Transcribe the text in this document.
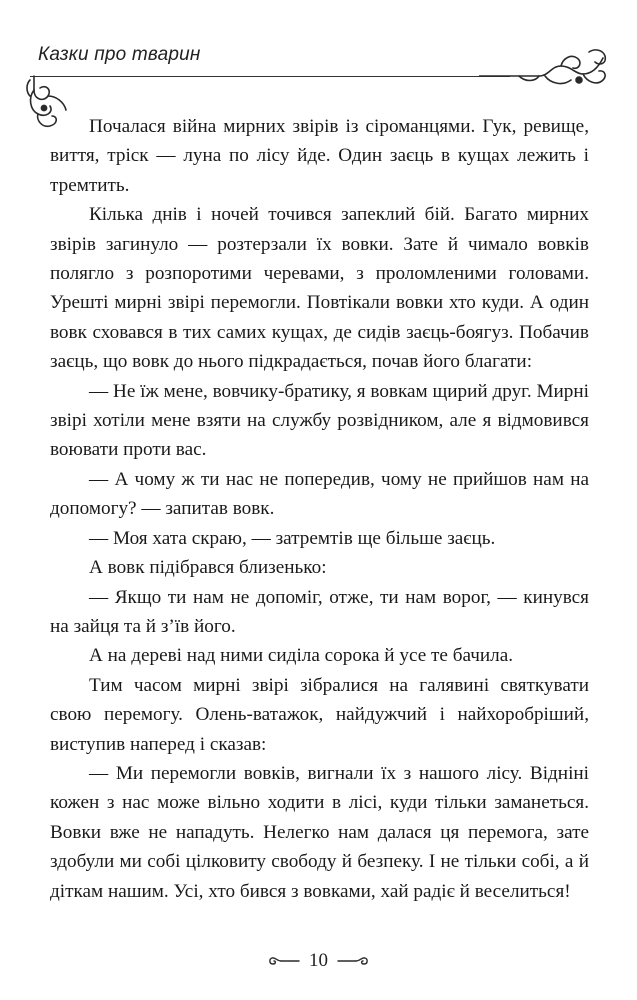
Казки про тварин

Почалася війна мирних звірів із сіроманцями. Гук, ревище, виття, тріск — луна по лісу йде. Один заєць в кущах лежить і тремтить.

Кілька днів і ночей точився запеклий бій. Багато мирних звірів загинуло — розтерзали їх вовки. Зате й чимало вовків полягло з розпоротими черевами, з проломленими головами. Урешті мирні звірі перемогли. Повтікали вовки хто куди. А один вовк сховався в тих самих кущах, де сидів заєць-боягуз. Побачив заєць, що вовк до нього підкрадається, почав його благати:

— Не їж мене, вовчику-братику, я вовкам щирий друг. Мирні звірі хотіли мене взяти на службу розвідником, але я відмовився воювати проти вас.

— А чому ж ти нас не попередив, чому не прийшов нам на допомогу? — запитав вовк.

— Моя хата скраю, — затремтів ще більше заєць.

А вовк підібрався близенько:

— Якщо ти нам не допоміг, отже, ти нам ворог, — кинувся на зайця та й з’їв його.

А на дереві над ними сиділа сорока й усе те бачила.

Тим часом мирні звірі зібралися на галявині святкувати свою перемогу. Олень-ватажок, найдужчий і найхоробріший, виступив наперед і сказав:

— Ми перемогли вовків, вигнали їх з нашого лісу. Відніні кожен з нас може вільно ходити в лісі, куди тільки заманеться. Вовки вже не нападуть. Нелегко нам далася ця перемога, зате здобули ми собі цілковиту свободу й безпеку. І не тільки собі, а й діткам нашим. Усі, хто бився з вовками, хай радіє й веселиться!

10
